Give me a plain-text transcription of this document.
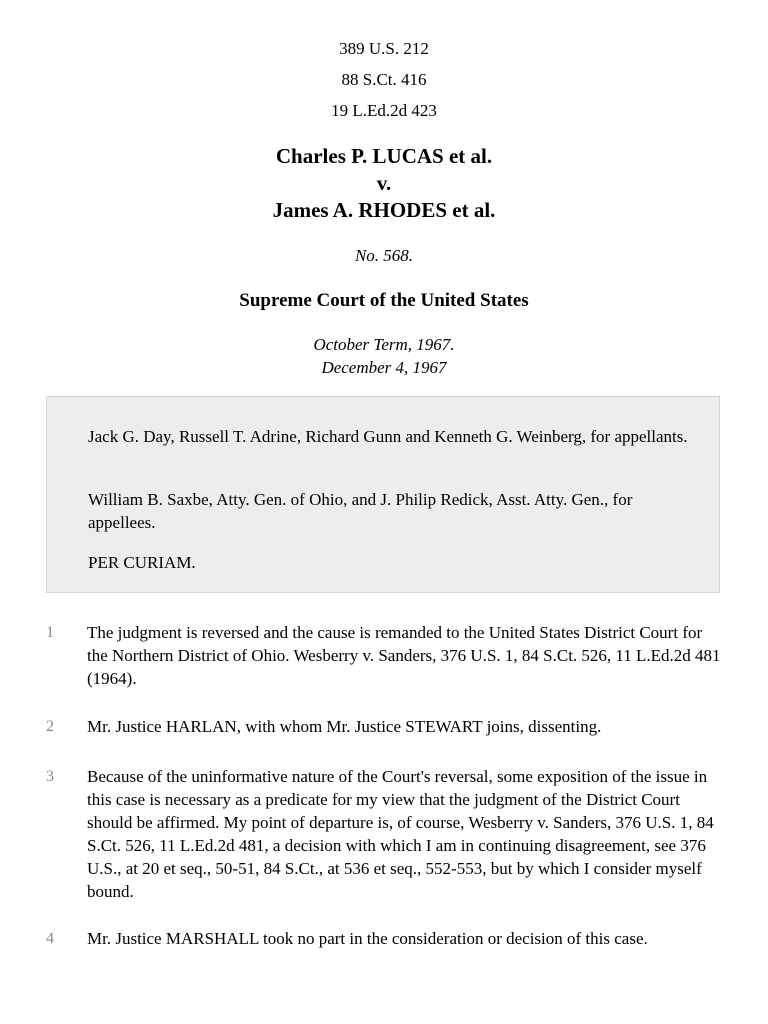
389 U.S. 212
88 S.Ct. 416
19 L.Ed.2d 423
Charles P. LUCAS et al.
v.
James A. RHODES et al.
No. 568.
Supreme Court of the United States
October Term, 1967.
December 4, 1967
Jack G. Day, Russell T. Adrine, Richard Gunn and Kenneth G. Weinberg, for appellants.
William B. Saxbe, Atty. Gen. of Ohio, and J. Philip Redick, Asst. Atty. Gen., for appellees.
PER CURIAM.
1 The judgment is reversed and the cause is remanded to the United States District Court for the Northern District of Ohio. Wesberry v. Sanders, 376 U.S. 1, 84 S.Ct. 526, 11 L.Ed.2d 481 (1964).
2 Mr. Justice HARLAN, with whom Mr. Justice STEWART joins, dissenting.
3 Because of the uninformative nature of the Court's reversal, some exposition of the issue in this case is necessary as a predicate for my view that the judgment of the District Court should be affirmed. My point of departure is, of course, Wesberry v. Sanders, 376 U.S. 1, 84 S.Ct. 526, 11 L.Ed.2d 481, a decision with which I am in continuing disagreement, see 376 U.S., at 20 et seq., 50-51, 84 S.Ct., at 536 et seq., 552-553, but by which I consider myself bound.
4 Mr. Justice MARSHALL took no part in the consideration or decision of this case.
